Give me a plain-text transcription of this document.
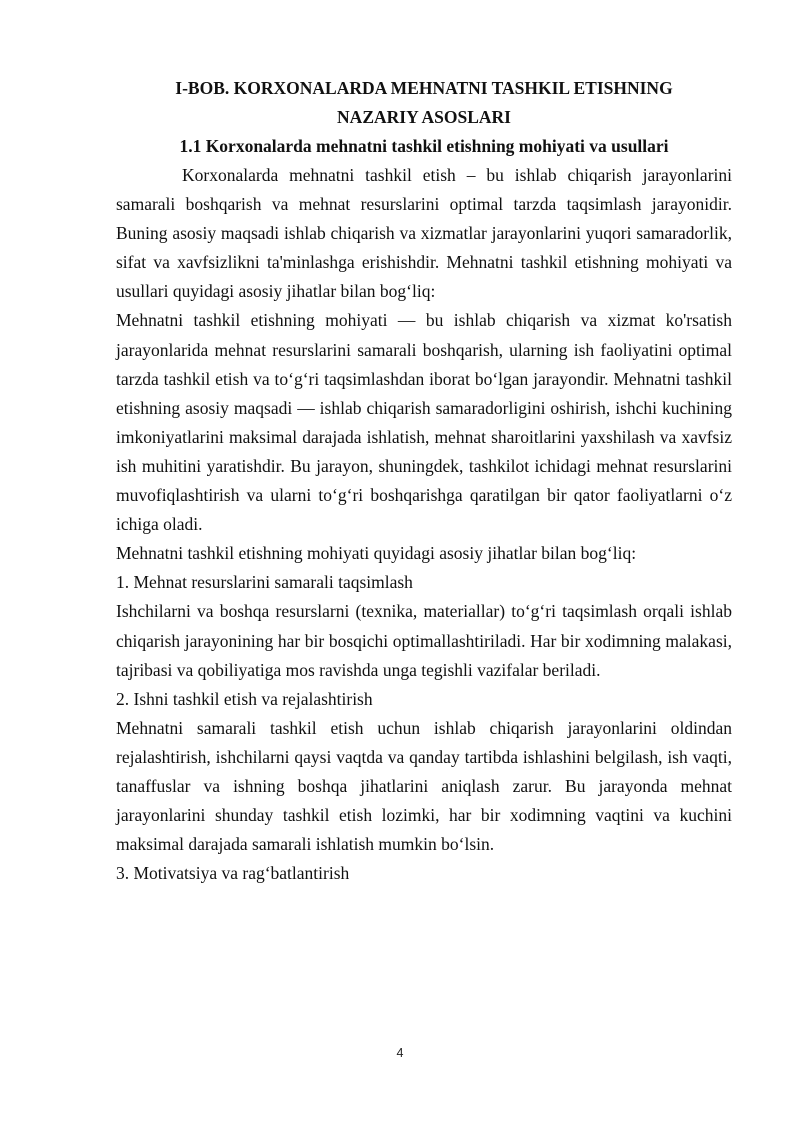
I-BOB. KORXONALARDA MEHNATNI TASHKIL ETISHNING

NAZARIY ASOSLARI

1.1 Korxonalarda mehnatni tashkil etishning mohiyati va usullari

Korxonalarda mehnatni tashkil etish – bu ishlab chiqarish jarayonlarini samarali boshqarish va mehnat resurslarini optimal tarzda taqsimlash jarayonidir. Buning asosiy maqsadi ishlab chiqarish va xizmatlar jarayonlarini yuqori samaradorlik, sifat va xavfsizlikni ta'minlashga erishishdir. Mehnatni tashkil etishning mohiyati va usullari quyidagi asosiy jihatlar bilan bog‘liq:

Mehnatni tashkil etishning mohiyati — bu ishlab chiqarish va xizmat ko'rsatish jarayonlarida mehnat resurslarini samarali boshqarish, ularning ish faoliyatini optimal tarzda tashkil etish va to‘g‘ri taqsimlashdan iborat bo‘lgan jarayondir. Mehnatni tashkil etishning asosiy maqsadi — ishlab chiqarish samaradorligini oshirish, ishchi kuchining imkoniyatlarini maksimal darajada ishlatish, mehnat sharoitlarini yaxshilash va xavfsiz ish muhitini yaratishdir. Bu jarayon, shuningdek, tashkilot ichidagi mehnat resurslarini muvofiqlashtirish va ularni to‘g‘ri boshqarishga qaratilgan bir qator faoliyatlarni o‘z ichiga oladi.

Mehnatni tashkil etishning mohiyati quyidagi asosiy jihatlar bilan bog‘liq:

1. Mehnat resurslarini samarali taqsimlash

Ishchilarni va boshqa resurslarni (texnika, materiallar) to‘g‘ri taqsimlash orqali ishlab chiqarish jarayonining har bir bosqichi optimallashtiriladi. Har bir xodimning malakasi, tajribasi va qobiliyatiga mos ravishda unga tegishli vazifalar beriladi.

2. Ishni tashkil etish va rejalashtirish

Mehnatni samarali tashkil etish uchun ishlab chiqarish jarayonlarini oldindan rejalashtirish, ishchilarni qaysi vaqtda va qanday tartibda ishlashini belgilash, ish vaqti, tanaffuslar va ishning boshqa jihatlarini aniqlash zarur. Bu jarayonda mehnat jarayonlarini shunday tashkil etish lozimki, har bir xodimning vaqtini va kuchini maksimal darajada samarali ishlatish mumkin bo‘lsin.

3. Motivatsiya va rag‘batlantirish

4
